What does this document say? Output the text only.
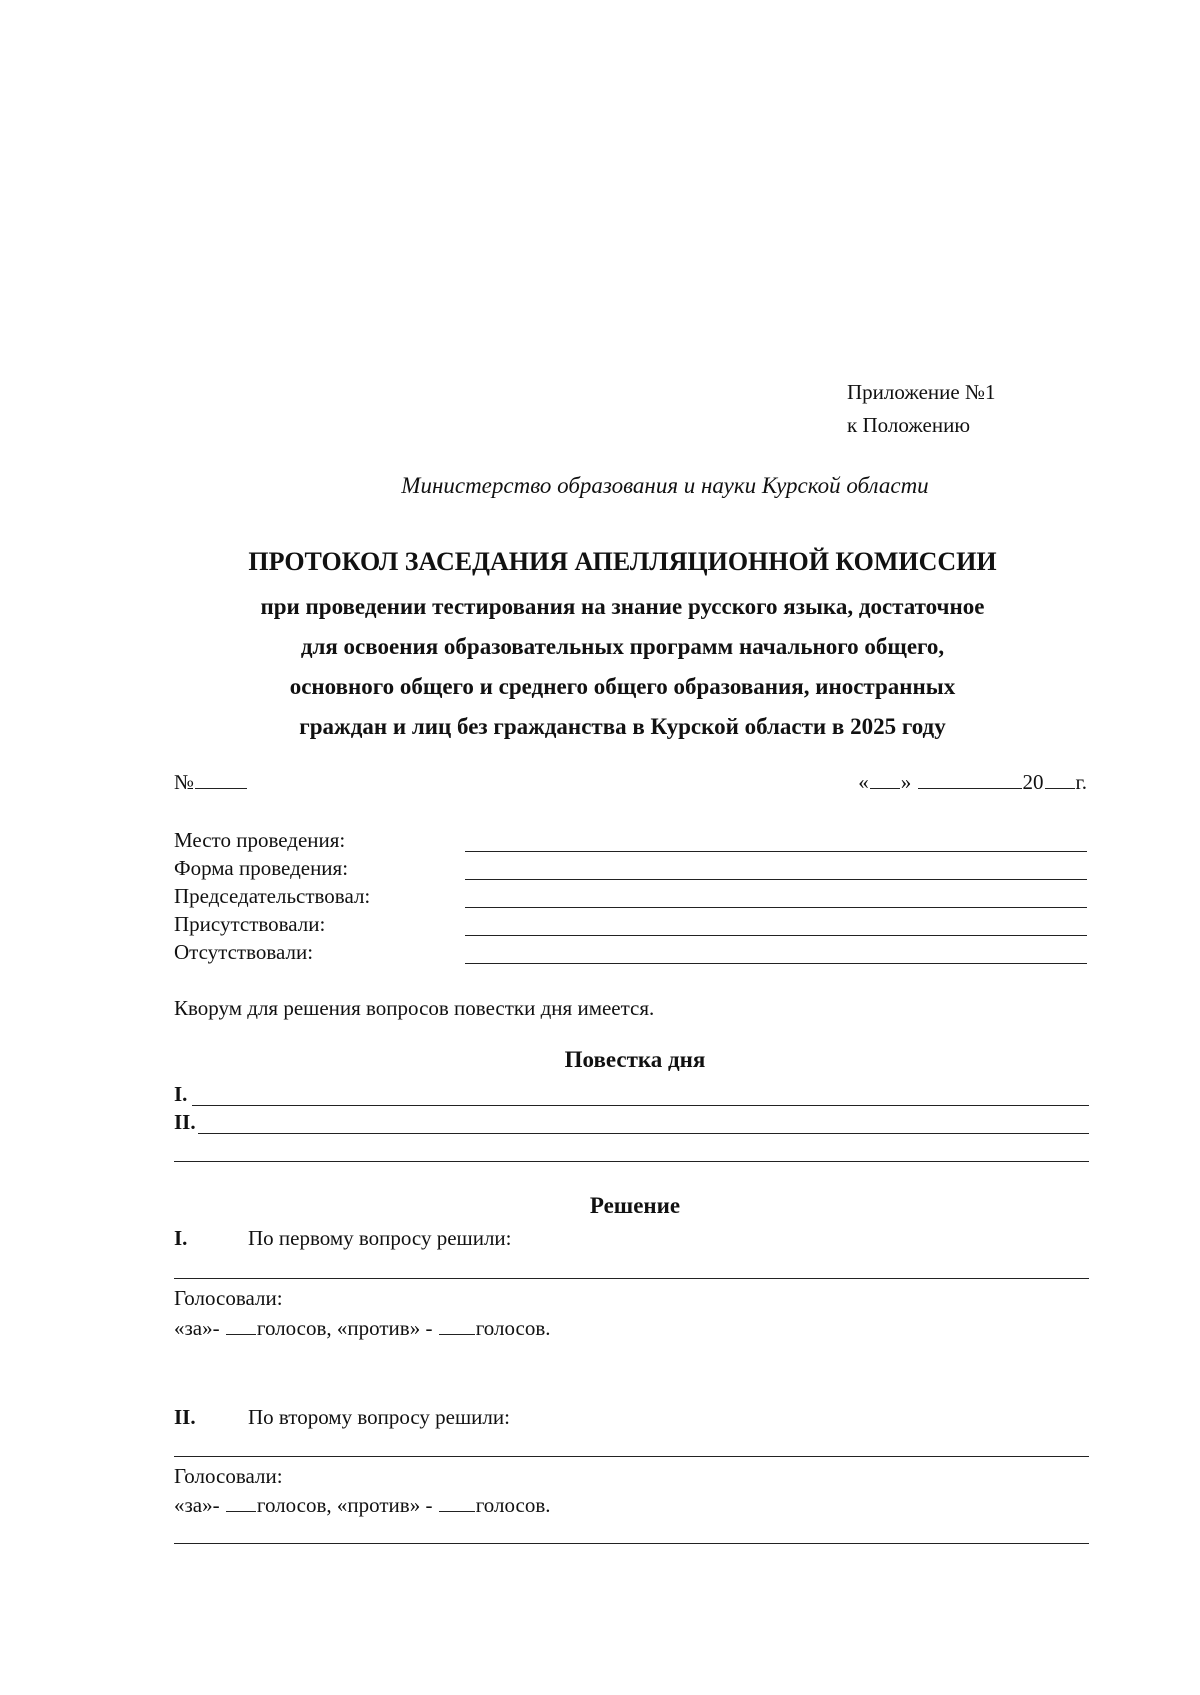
Приложение №1
к Положению
Министерство образования и науки Курской области
ПРОТОКОЛ ЗАСЕДАНИЯ АПЕЛЛЯЦИОННОЙ КОМИССИИ
при проведении тестирования на знание русского языка, достаточное
для освоения образовательных программ начального общего,
основного общего и среднего общего образования, иностранных
граждан и лиц без гражданства в Курской области в 2025 году
№	« »	20 г.
Место проведения:
Форма проведения:
Председательствовал:
Присутствовали:
Отсутствовали:
Кворум для решения вопросов повестки дня имеется.
Повестка дня
I.
II.
Решение
I.	По первому вопросу решили:
Голосовали:
«за»- голосов, «против» - голосов.
II. По второму вопросу решили:
Голосовали:
«за»- голосов, «против» - голосов.
